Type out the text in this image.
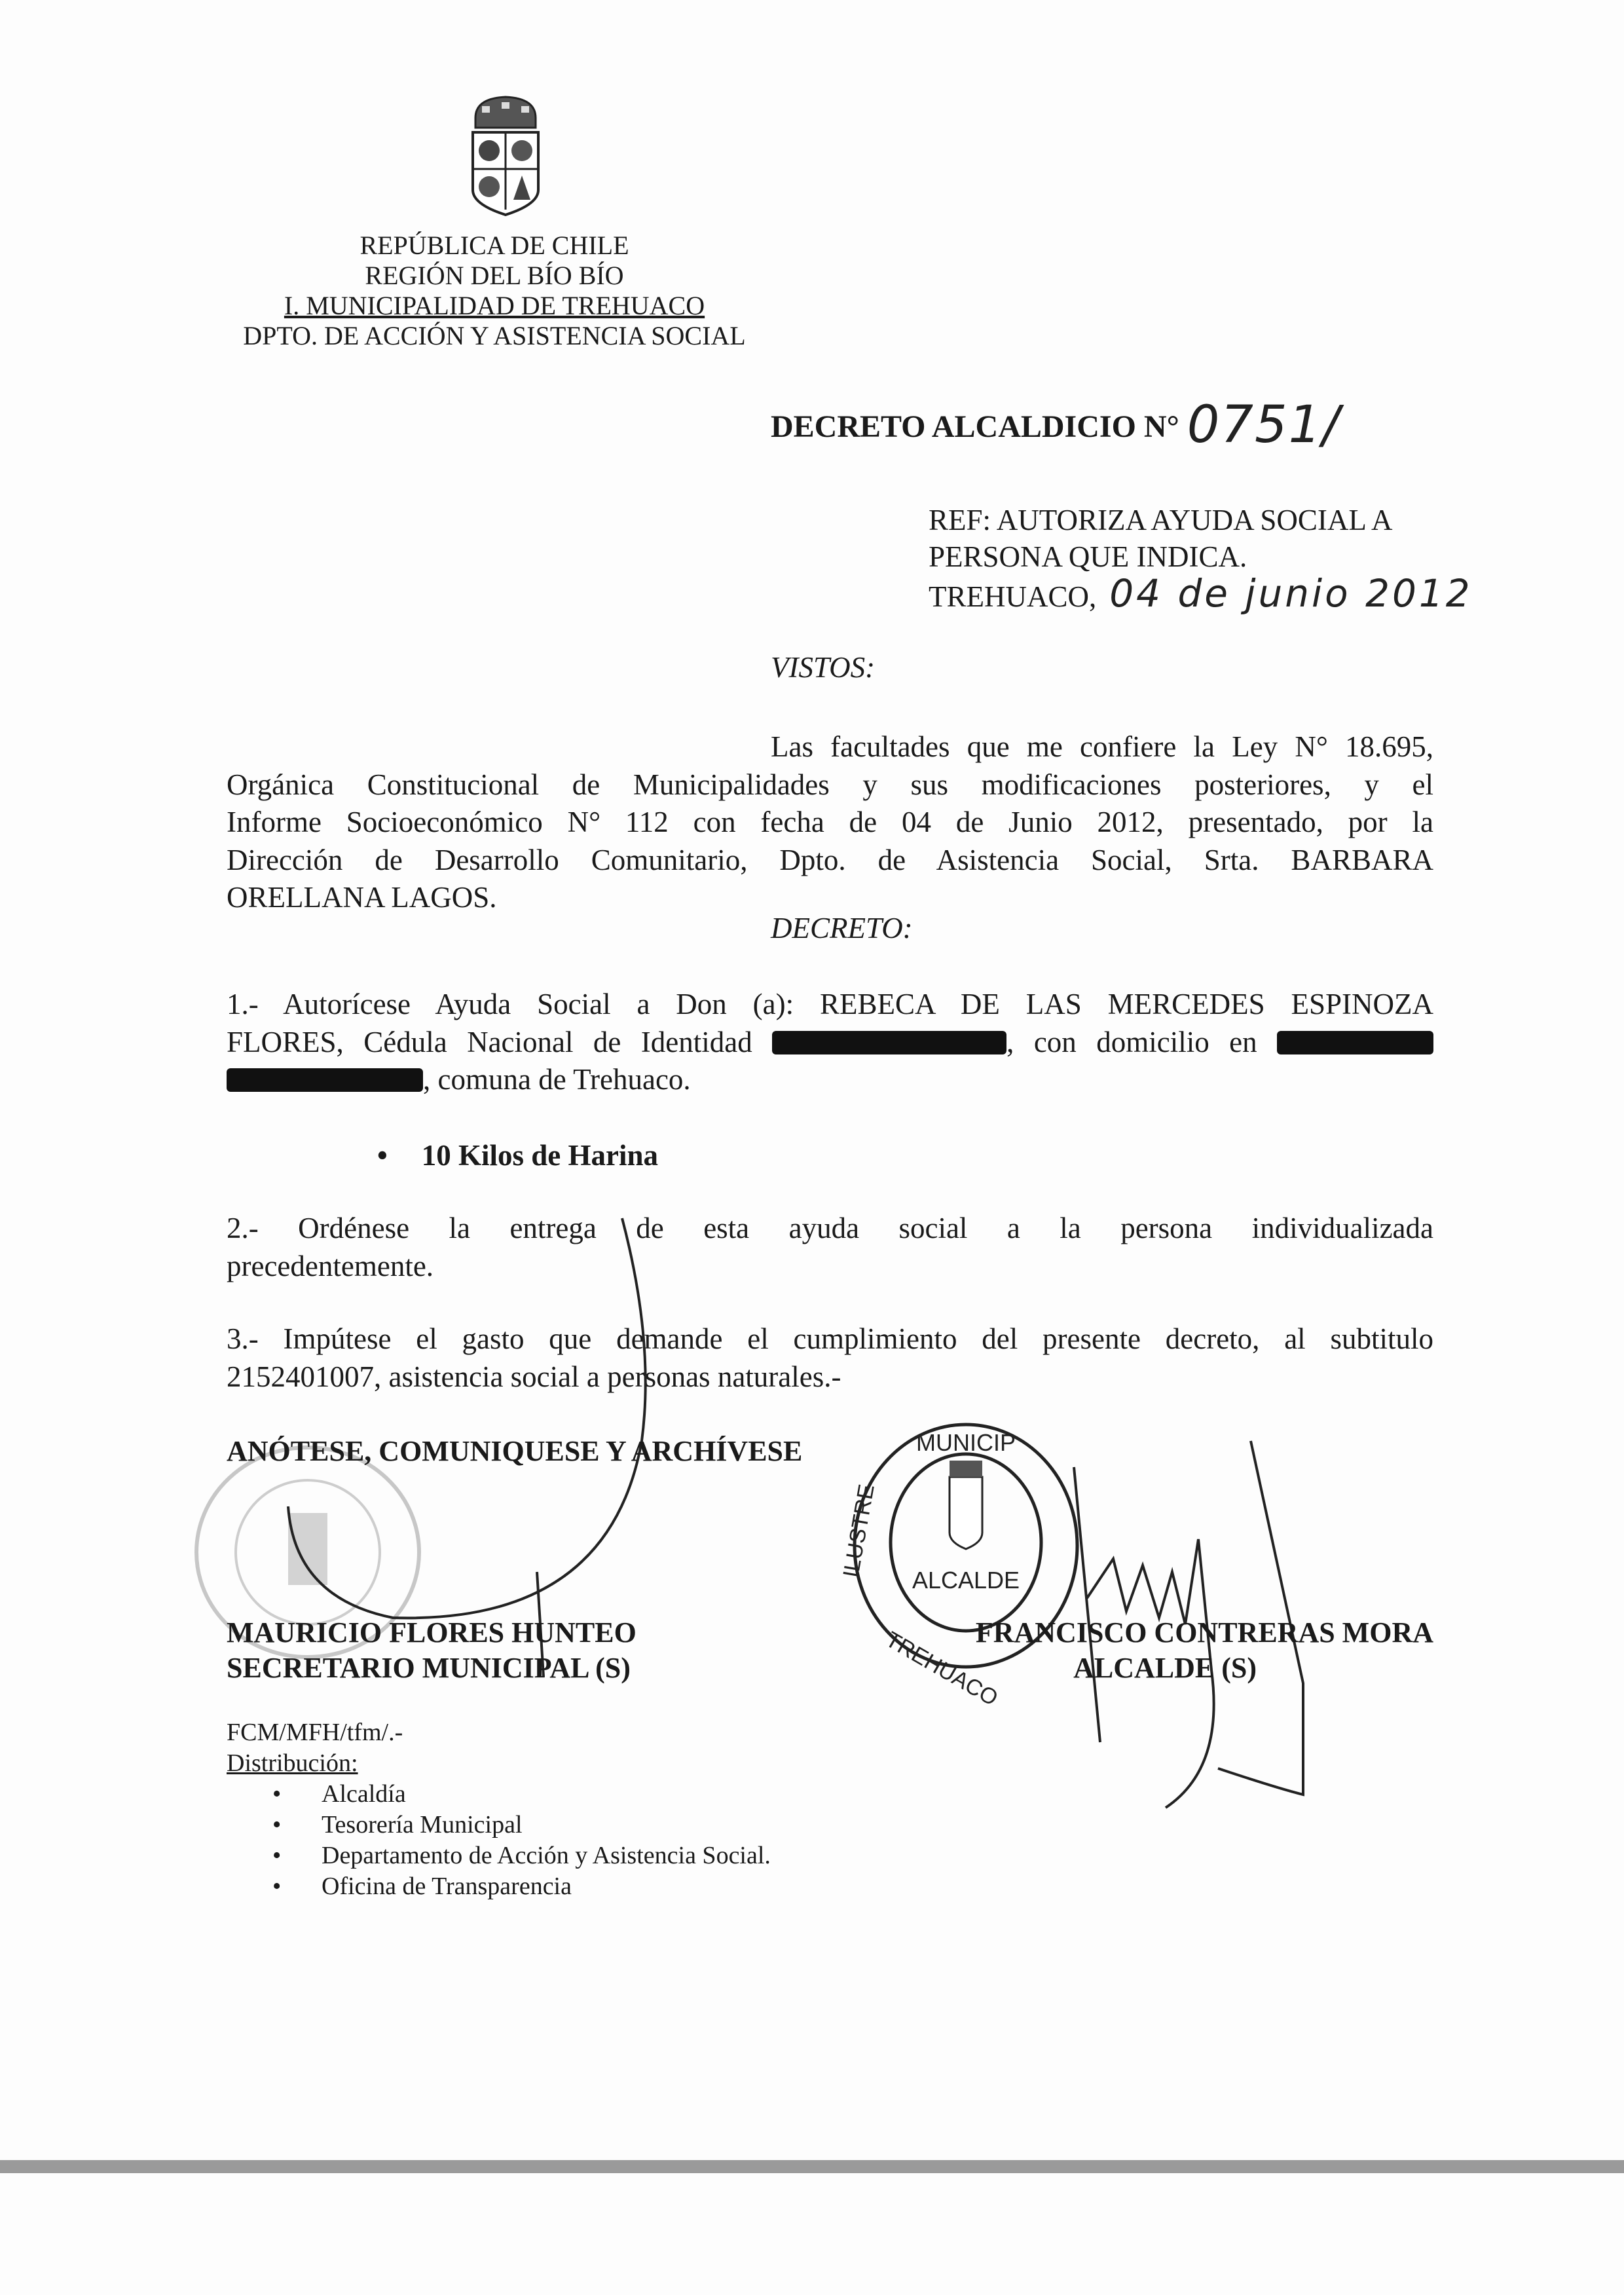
REPÚBLICA DE CHILE
REGIÓN DEL BÍO BÍO
I. MUNICIPALIDAD DE TREHUACO
DPTO. DE ACCIÓN Y ASISTENCIA SOCIAL
DECRETO ALCALDICIO N° 0751/
REF: AUTORIZA AYUDA SOCIAL A
PERSONA QUE INDICA.
TREHUACO, 04 de junio 2012
VISTOS:
Las facultades que me confiere la Ley N° 18.695,
Orgánica Constitucional de Municipalidades y sus modificaciones posteriores, y el
Informe Socioeconómico N° 112 con fecha de 04 de Junio 2012, presentado, por la
Dirección de Desarrollo Comunitario, Dpto. de Asistencia Social, Srta. BARBARA
ORELLANA LAGOS.
DECRETO:
1.- Autorícese Ayuda Social a Don (a): REBECA DE LAS MERCEDES ESPINOZA
FLORES, Cédula Nacional de Identidad	, con domicilio en
, comuna de Trehuaco.
• 10 Kilos de Harina
2.- Ordénese la entrega de esta ayuda social a la persona individualizada
precedentemente.
3.- Impútese el gasto que demande el cumplimiento del presente decreto, al subtitulo
2152401007, asistencia social a personas naturales.-
ALCALDE
MUNICIP
TREHUACO
ILUSTRE
ANÓTESE, COMUNIQUESE Y ARCHÍVESE
MAURICIO FLORES HUNTEO
SECRETARIO MUNICIPAL (S)
FRANCISCO CONTRERAS MORA
ALCALDE (S)
FCM/MFH/tfm/.-
Distribución:
• Alcaldía
• Tesorería Municipal
• Departamento de Acción y Asistencia Social.
• Oficina de Transparencia
